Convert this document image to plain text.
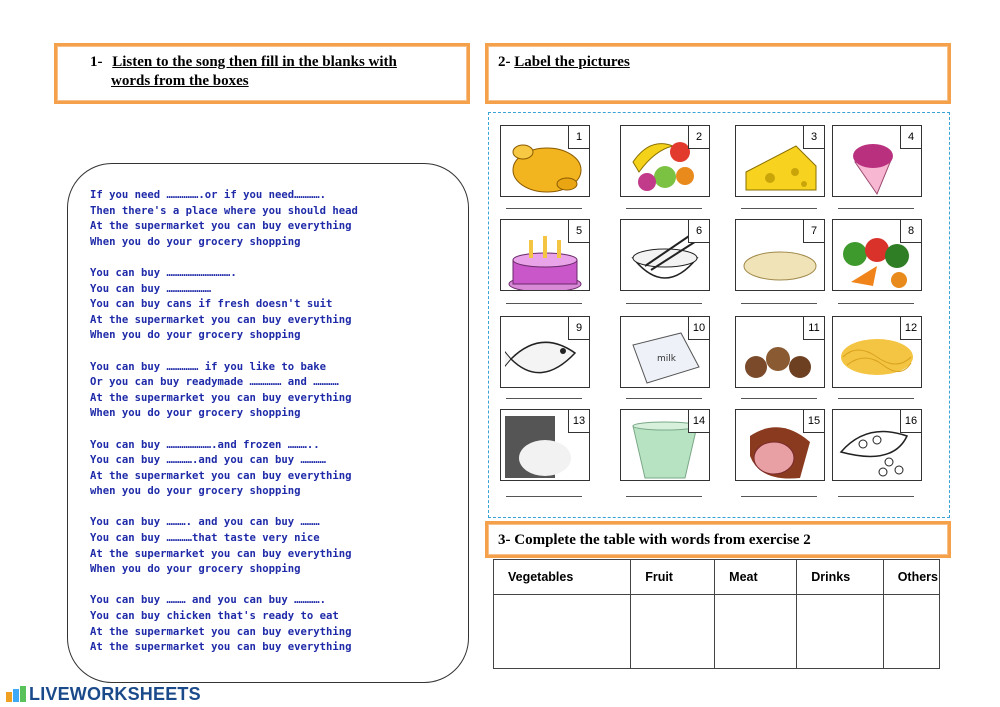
1- Listen to the song then fill in the blanks with
words from the boxes
2- Label the pictures
If you need …………….or if you need………….
Then there's a place where you should head
At the supermarket you can buy everything
When you do your grocery shopping
You can buy ………………………….
You can buy …………………
You can buy cans if fresh doesn't suit
At the supermarket you can buy everything
When you do your grocery shopping
You can buy …………… if you like to bake
Or you can buy readymade …………… and …………
At the supermarket you can buy everything
When you do your grocery shopping
You can buy ………………….and frozen ………..
You can buy ………….and you can buy …………
At the supermarket you can buy everything
when you do your grocery shopping
You can buy ………. and you can buy ………
You can buy …………that taste very nice
At the supermarket you can buy everything
When you do your grocery shopping
You can buy ……… and you can buy ………….
You can buy chicken that's ready to eat
At the supermarket you can buy everything
At the supermarket you can buy everything
1	2	3	4
5	6	7	8
9
milk
10	11	12
13	14	15	16
3- Complete the table with words from exercise 2
Vegetables	Fruit	Meat	Drinks	Others

LIVEWORKSHEETS
